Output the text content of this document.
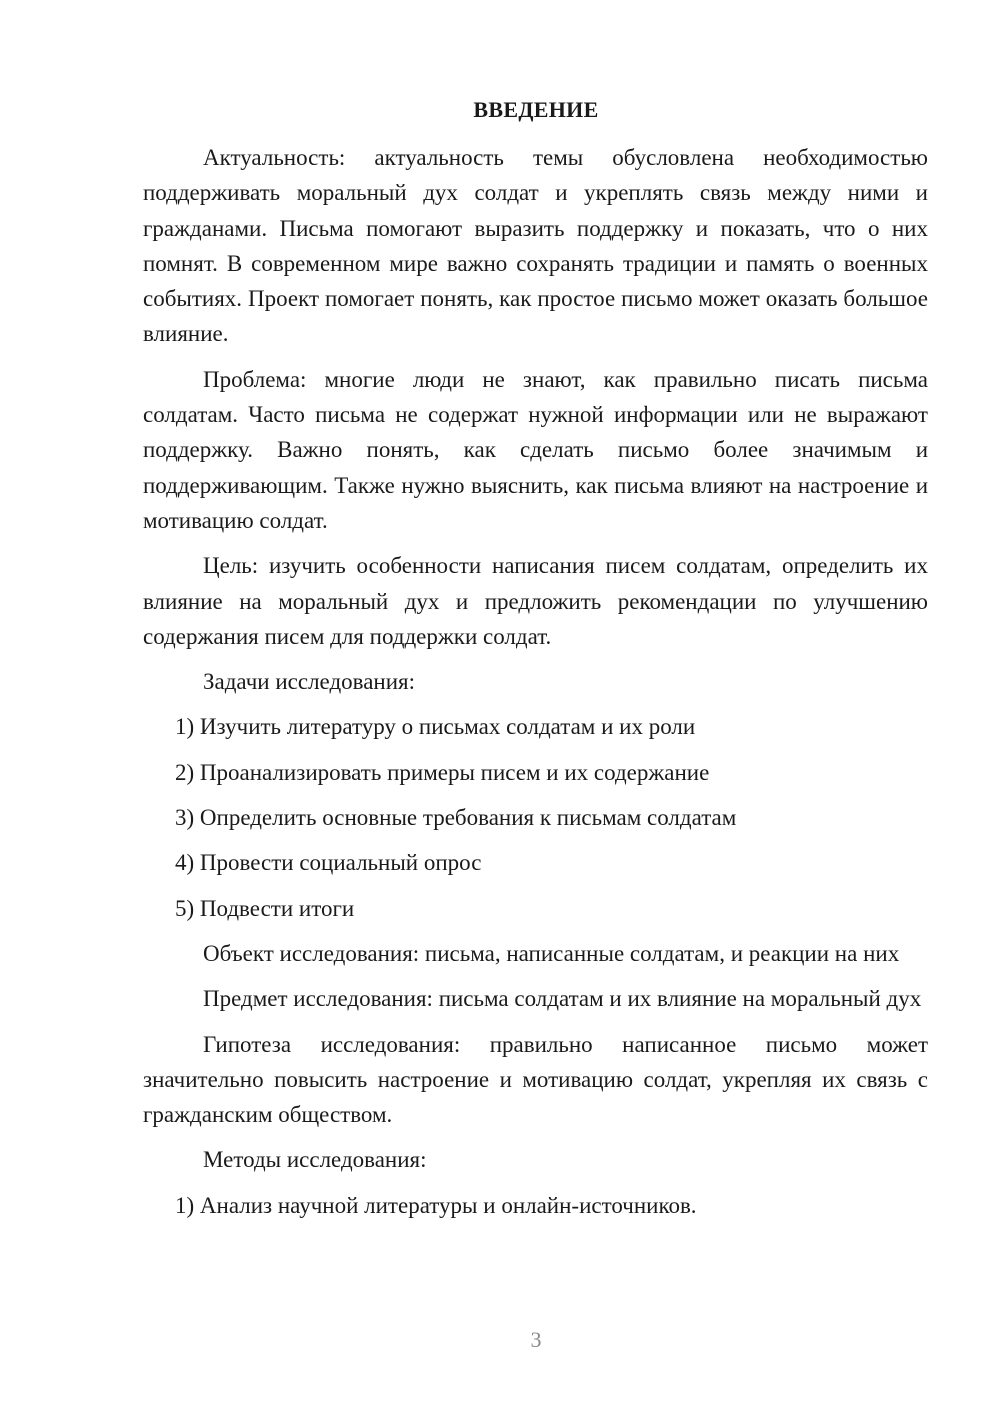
ВВЕДЕНИЕ

Актуальность: актуальность темы обусловлена необходимостью поддерживать моральный дух солдат и укреплять связь между ними и гражданами. Письма помогают выразить поддержку и показать, что о них помнят. В современном мире важно сохранять традиции и память о военных событиях. Проект помогает понять, как простое письмо может оказать большое влияние.

Проблема: многие люди не знают, как правильно писать письма солдатам. Часто письма не содержат нужной информации или не выражают поддержку. Важно понять, как сделать письмо более значимым и поддерживающим. Также нужно выяснить, как письма влияют на настроение и мотивацию солдат.

Цель: изучить особенности написания писем солдатам, определить их влияние на моральный дух и предложить рекомендации по улучшению содержания писем для поддержки солдат.

Задачи исследования:

1) Изучить литературу о письмах солдатам и их роли

2) Проанализировать примеры писем и их содержание

3) Определить основные требования к письмам солдатам

4) Провести социальный опрос

5) Подвести итоги

Объект исследования: письма, написанные солдатам, и реакции на них

Предмет исследования: письма солдатам и их влияние на моральный дух

Гипотеза исследования: правильно написанное письмо может значительно повысить настроение и мотивацию солдат, укрепляя их связь с гражданским обществом.

Методы исследования:

1) Анализ научной литературы и онлайн-источников.

3
